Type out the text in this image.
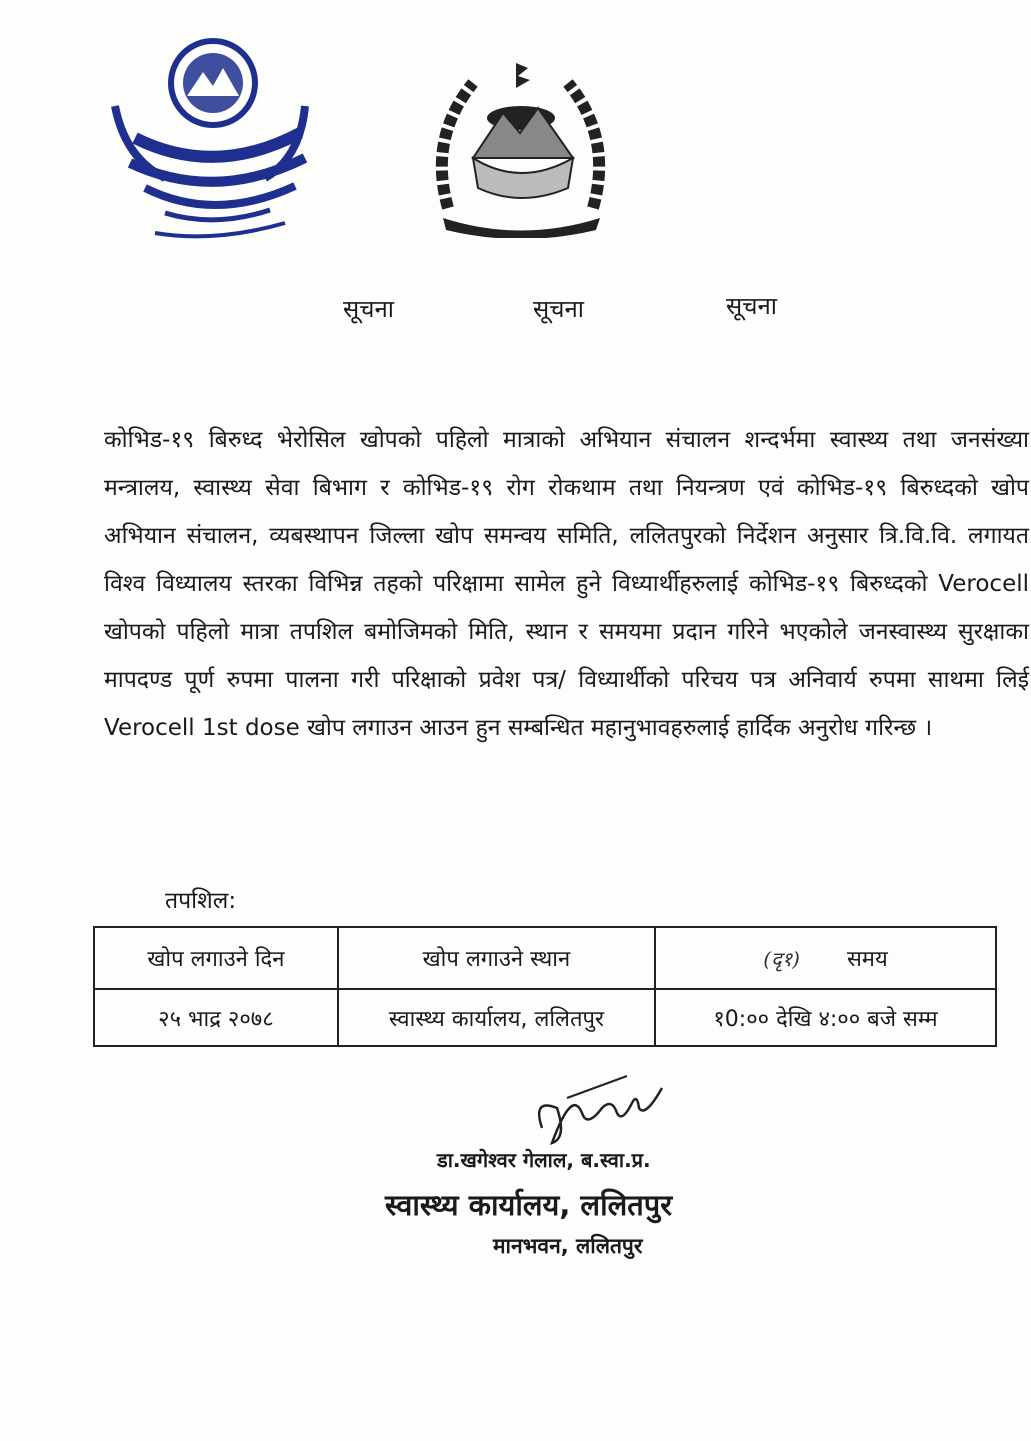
सूचना	सूचना	सूचना

कोभिड-१९ बिरुध्द भेरोसिल खोपको पहिलो मात्राको अभियान संचालन शन्दर्भमा स्वास्थ्य तथा जनसंख्या मन्त्रालय, स्वास्थ्य सेवा बिभाग र कोभिड-१९ रोग रोकथाम तथा नियन्त्रण एवं कोभिड-१९ बिरुध्दको खोप अभियान संचालन, व्यबस्थापन जिल्ला खोप समन्वय समिति, ललितपुरको निर्देशन अनुसार त्रि.वि.वि. लगायत विश्व विध्यालय स्तरका विभिन्न तहको परिक्षामा सामेल हुने विध्यार्थीहरुलाई कोभिड-१९ बिरुध्दको Verocell खोपको पहिलो मात्रा तपशिल बमोजिमको मिति, स्थान र समयमा प्रदान गरिने भएकोले जनस्वास्थ्य सुरक्षाका मापदण्ड पूर्ण रुपमा पालना गरी परिक्षाको प्रवेश पत्र/ विध्यार्थीको परिचय पत्र अनिवार्य रुपमा साथमा लिई Verocell 1st dose खोप लगाउन आउन हुन सम्बन्धित महानुभावहरुलाई हार्दिक अनुरोध गरिन्छ ।

तपशिल:
खोप लगाउने दिन	खोप लगाउने स्थान	(दृ१) समय
२५ भाद्र २०७८	स्वास्थ्य कार्यालय, ललितपुर	१0:०० देखि ४:०० बजे सम्म
डा.खगेश्वर गेलाल, ब.स्वा.प्र.
स्वास्थ्य कार्यालय, ललितपुर
मानभवन, ललितपुर
